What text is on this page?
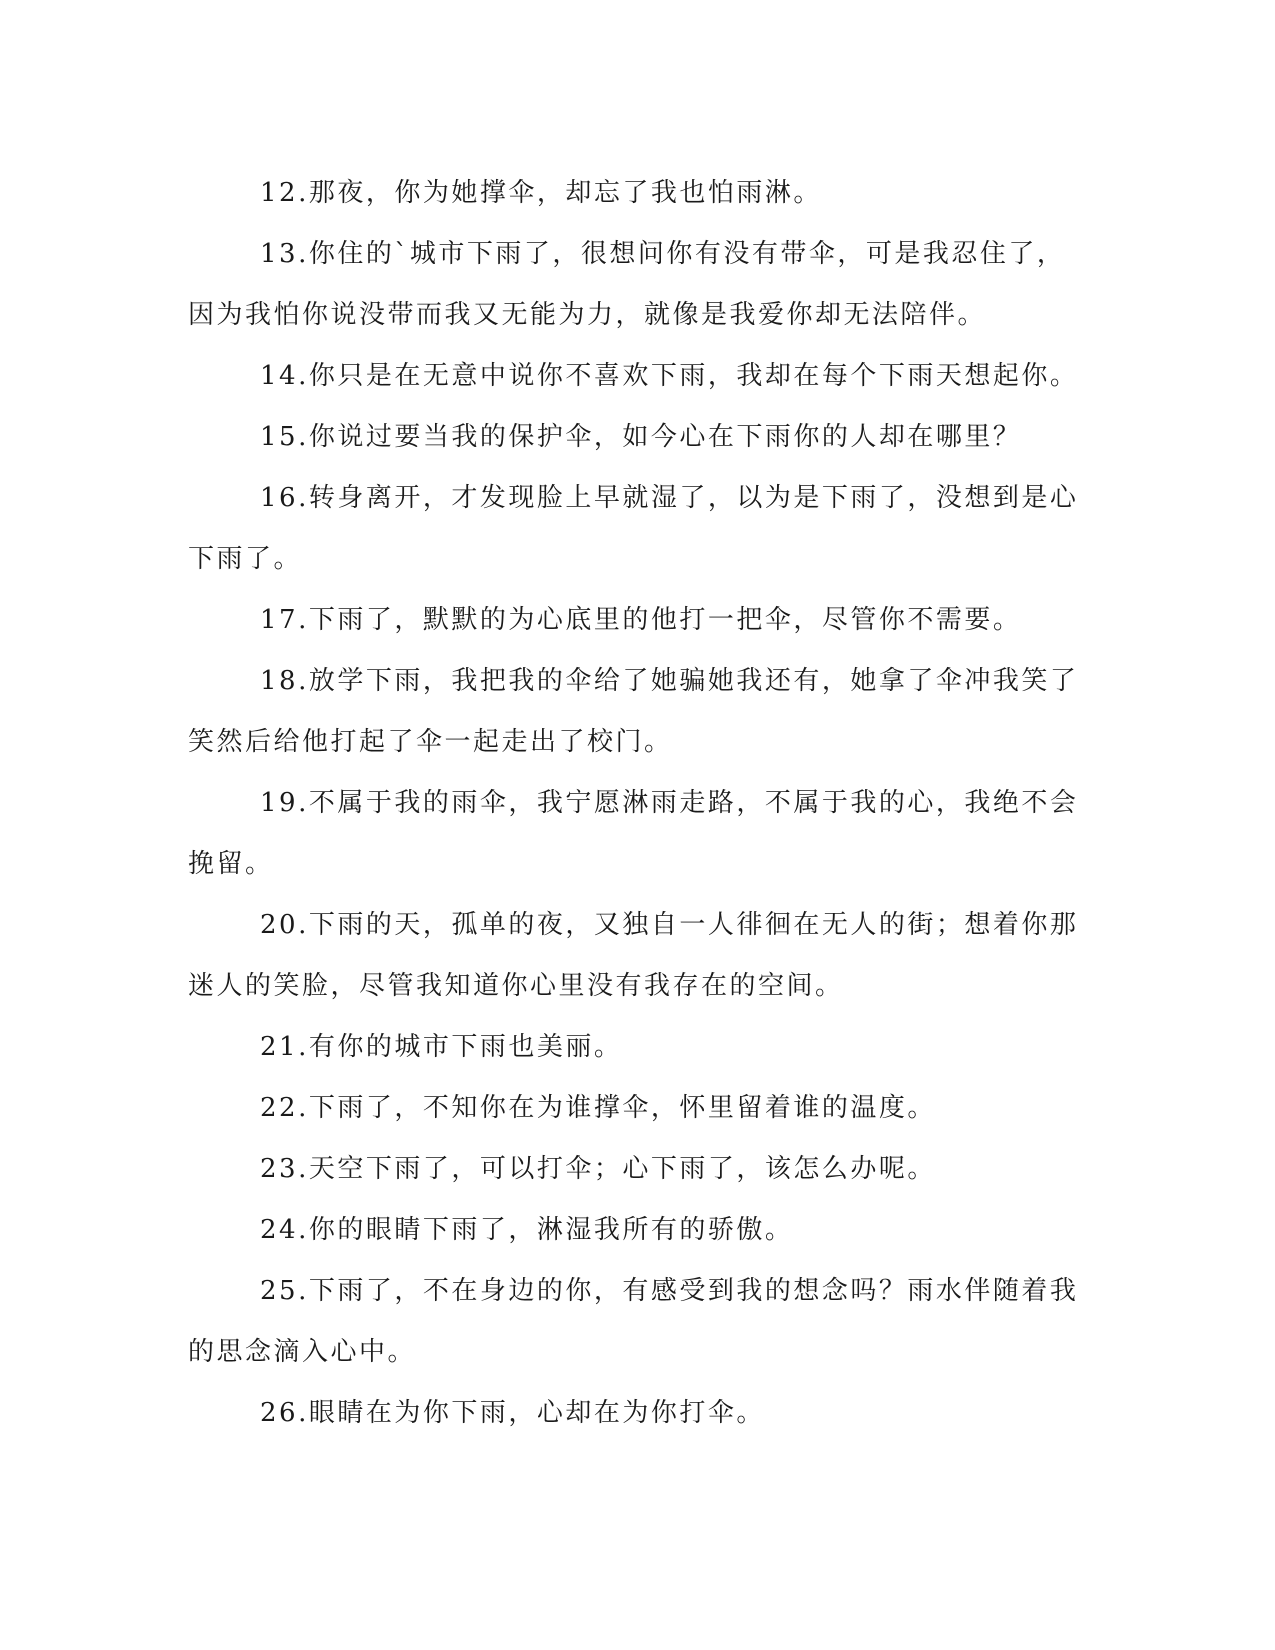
12.那夜，你为她撑伞，却忘了我也怕雨淋。

13.你住的`城市下雨了，很想问你有没有带伞，可是我忍住了，
因为我怕你说没带而我又无能为力，就像是我爱你却无法陪伴。

14.你只是在无意中说你不喜欢下雨，我却在每个下雨天想起你。

15.你说过要当我的保护伞，如今心在下雨你的人却在哪里？

16.转身离开，才发现脸上早就湿了，以为是下雨了，没想到是心
下雨了。

17.下雨了，默默的为心底里的他打一把伞，尽管你不需要。

18.放学下雨，我把我的伞给了她骗她我还有，她拿了伞冲我笑了
笑然后给他打起了伞一起走出了校门。

19.不属于我的雨伞，我宁愿淋雨走路，不属于我的心，我绝不会
挽留。

20.下雨的天，孤单的夜，又独自一人徘徊在无人的街；想着你那
迷人的笑脸，尽管我知道你心里没有我存在的空间。

21.有你的城市下雨也美丽。

22.下雨了，不知你在为谁撑伞，怀里留着谁的温度。

23.天空下雨了，可以打伞；心下雨了，该怎么办呢。

24.你的眼睛下雨了，淋湿我所有的骄傲。

25.下雨了，不在身边的你，有感受到我的想念吗？雨水伴随着我
的思念滴入心中。

26.眼睛在为你下雨，心却在为你打伞。
